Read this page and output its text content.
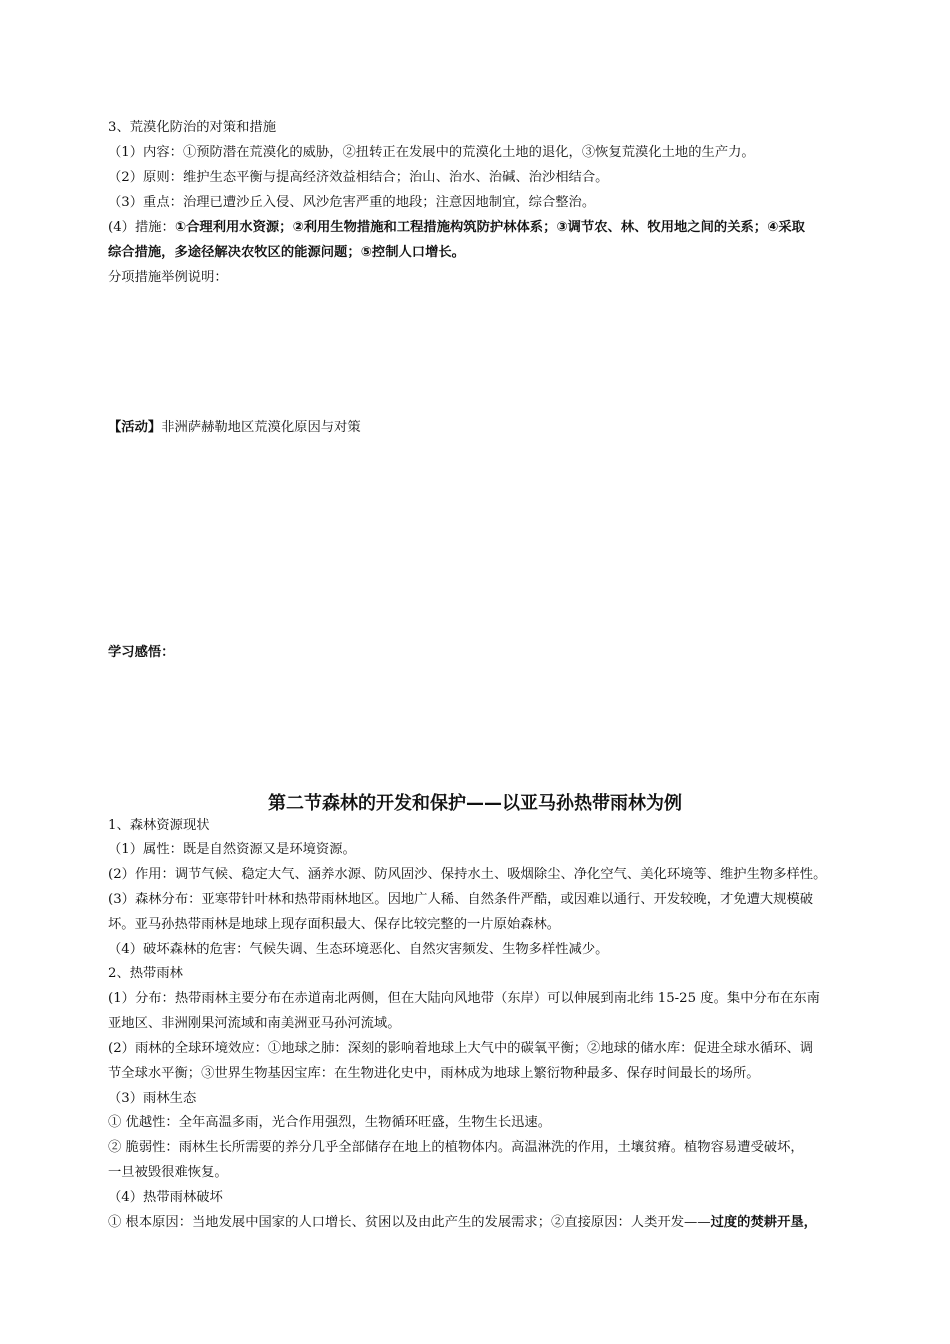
3、荒漠化防治的对策和措施
（1）内容：①预防潜在荒漠化的威胁，②扭转正在发展中的荒漠化土地的退化，③恢复荒漠化土地的生产力。
（2）原则：维护生态平衡与提高经济效益相结合；治山、治水、治碱、治沙相结合。
（3）重点：治理已遭沙丘入侵、风沙危害严重的地段；注意因地制宜，综合整治。
(4）措施：①合理利用水资源；②利用生物措施和工程措施构筑防护林体系；③调节农、林、牧用地之间的关系；④采取
综合措施，多途径解决农牧区的能源问题；⑤控制人口增长。
分项措施举例说明：
【活动】非洲萨赫勒地区荒漠化原因与对策
学习感悟：
第二节森林的开发和保护——以亚马孙热带雨林为例
1、森林资源现状
（1）属性：既是自然资源又是环境资源。
(2）作用：调节气候、稳定大气、涵养水源、防风固沙、保持水土、吸烟除尘、净化空气、美化环境等、维护生物多样性。
(3）森林分布：亚寒带针叶林和热带雨林地区。因地广人稀、自然条件严酷，或因难以通行、开发较晚，才免遭大规模破
坏。亚马孙热带雨林是地球上现存面积最大、保存比较完整的一片原始森林。
（4）破坏森林的危害：气候失调、生态环境恶化、自然灾害频发、生物多样性减少。
2、热带雨林
(1）分布：热带雨林主要分布在赤道南北两侧，但在大陆向风地带（东岸）可以伸展到南北纬 15-25 度。集中分布在东南
亚地区、非洲刚果河流域和南美洲亚马孙河流域。
(2）雨林的全球环境效应：①地球之肺：深刻的影响着地球上大气中的碳氧平衡；②地球的储水库：促进全球水循环、调
节全球水平衡；③世界生物基因宝库：在生物进化史中，雨林成为地球上繁衍物种最多、保存时间最长的场所。
（3）雨林生态
① 优越性：全年高温多雨，光合作用强烈，生物循环旺盛，生物生长迅速。
② 脆弱性：雨林生长所需要的养分几乎全部储存在地上的植物体内。高温淋洗的作用，土壤贫瘠。植物容易遭受破坏，
一旦被毁很难恢复。
（4）热带雨林破坏
① 根本原因：当地发展中国家的人口增长、贫困以及由此产生的发展需求；②直接原因：人类开发——过度的焚耕开垦，
